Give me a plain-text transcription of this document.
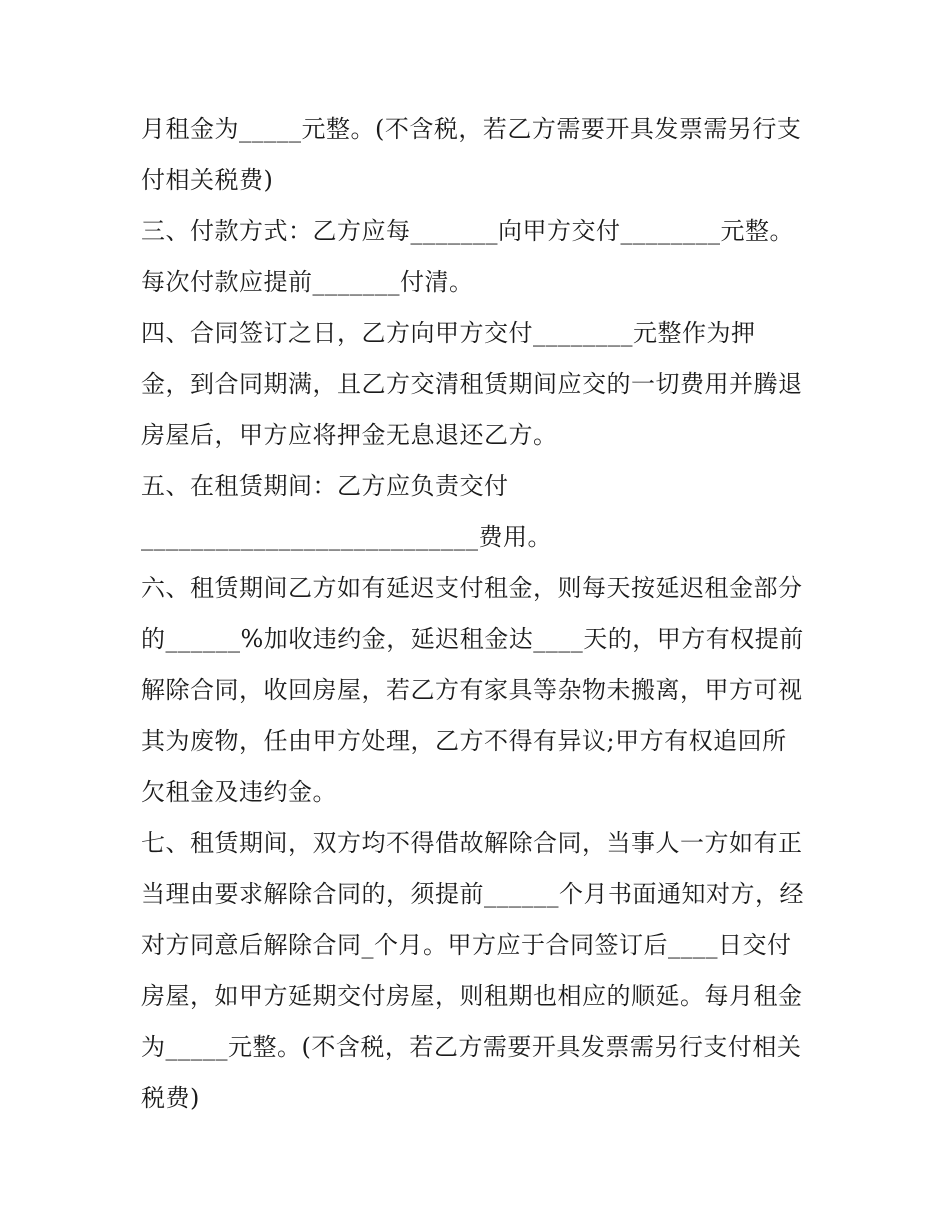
月租金为_____元整。(不含税，若乙方需要开具发票需另行支
付相关税费)
三、付款方式：乙方应每_______向甲方交付________元整。
每次付款应提前_______付清。
四、合同签订之日，乙方向甲方交付________元整作为押
金，到合同期满，且乙方交清租赁期间应交的一切费用并腾退
房屋后，甲方应将押金无息退还乙方。
五、在租赁期间：乙方应负责交付
___________________________费用。
六、租赁期间乙方如有延迟支付租金，则每天按延迟租金部分
的______%加收违约金，延迟租金达____天的，甲方有权提前
解除合同，收回房屋，若乙方有家具等杂物未搬离，甲方可视
其为废物，任由甲方处理，乙方不得有异议;甲方有权追回所
欠租金及违约金。
七、租赁期间，双方均不得借故解除合同，当事人一方如有正
当理由要求解除合同的，须提前______个月书面通知对方，经
对方同意后解除合同_个月。甲方应于合同签订后____日交付
房屋，如甲方延期交付房屋，则租期也相应的顺延。每月租金
为_____元整。(不含税，若乙方需要开具发票需另行支付相关
税费)
